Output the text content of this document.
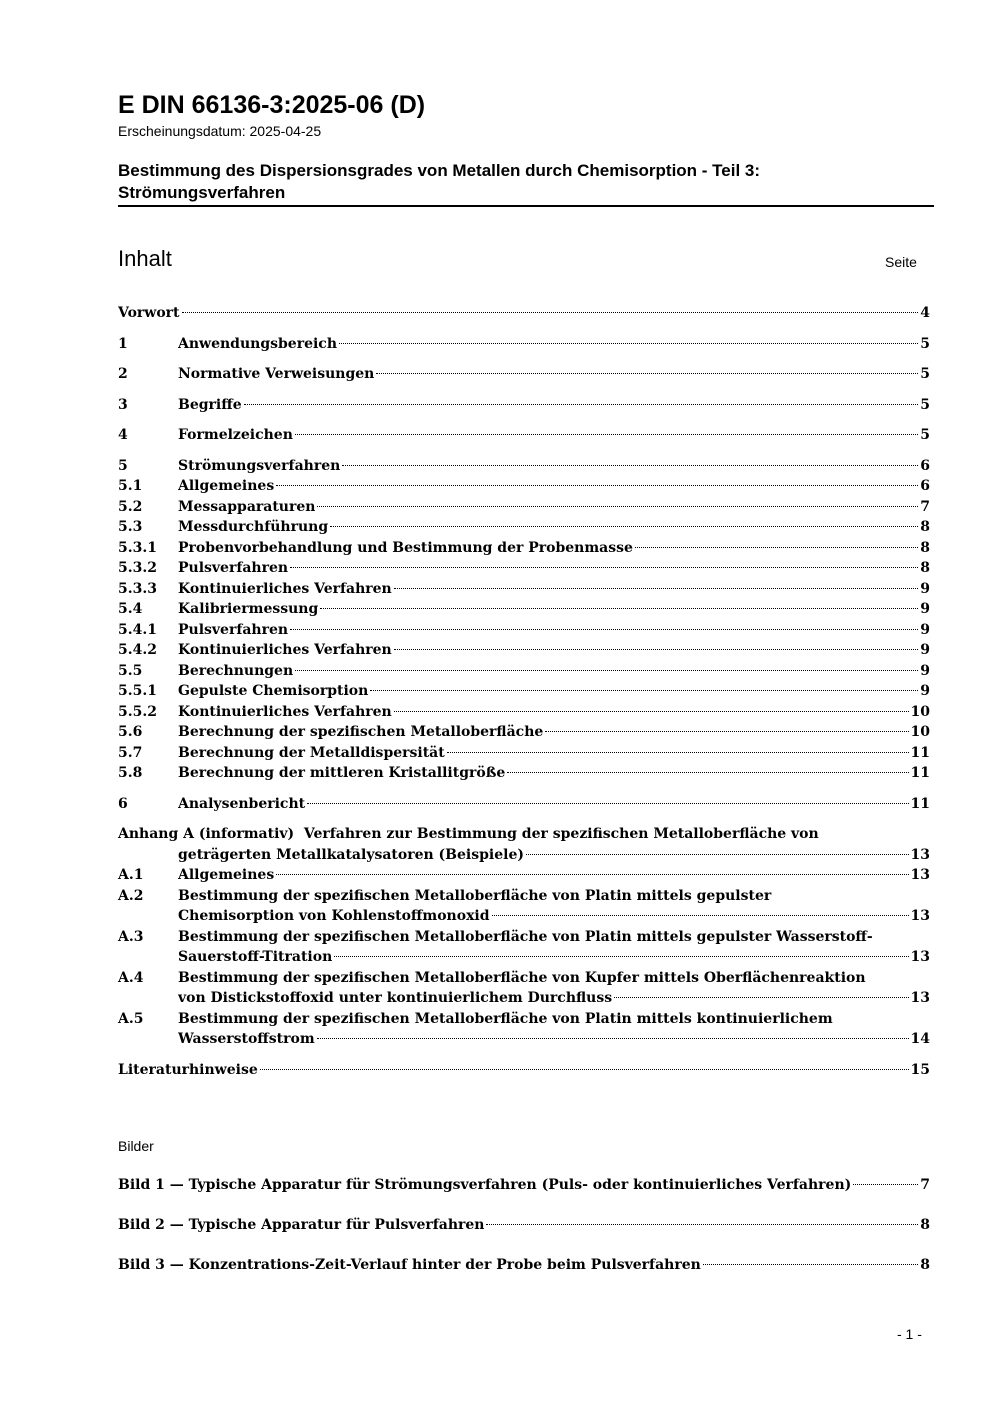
E DIN 66136-3:2025-06 (D)
Erscheinungsdatum: 2025-04-25
Bestimmung des Dispersionsgrades von Metallen durch Chemisorption - Teil 3: Strömungsverfahren
Inhalt	Seite
Vorwort	4
1	Anwendungsbereich	5
2	Normative Verweisungen	5
3	Begriffe	5
4	Formelzeichen	5
5	Strömungsverfahren	6
5.1	Allgemeines	6
5.2	Messapparaturen	7
5.3	Messdurchführung	8
5.3.1	Probenvorbehandlung und Bestimmung der Probenmasse	8
5.3.2	Pulsverfahren	8
5.3.3	Kontinuierliches Verfahren	9
5.4	Kalibriermessung	9
5.4.1	Pulsverfahren	9
5.4.2	Kontinuierliches Verfahren	9
5.5	Berechnungen	9
5.5.1	Gepulste Chemisorption	9
5.5.2	Kontinuierliches Verfahren	10
5.6	Berechnung der spezifischen Metalloberfläche	10
5.7	Berechnung der Metalldispersität	11
5.8	Berechnung der mittleren Kristallitgröße	11
6	Analysenbericht	11
Anhang A (informativ) Verfahren zur Bestimmung der spezifischen Metalloberfläche von
geträgerten Metallkatalysatoren (Beispiele)	13
A.1	Allgemeines	13
A.2	Bestimmung der spezifischen Metalloberfläche von Platin mittels gepulster
Chemisorption von Kohlenstoffmonoxid	13
A.3	Bestimmung der spezifischen Metalloberfläche von Platin mittels gepulster Wasserstoff-
Sauerstoff-Titration	13
A.4	Bestimmung der spezifischen Metalloberfläche von Kupfer mittels Oberflächenreaktion
von Distickstoffoxid unter kontinuierlichem Durchfluss	13
A.5	Bestimmung der spezifischen Metalloberfläche von Platin mittels kontinuierlichem
Wasserstoffstrom	14
Literaturhinweise	15
Bilder
Bild 1 — Typische Apparatur für Strömungsverfahren (Puls- oder kontinuierliches Verfahren)	7
Bild 2 — Typische Apparatur für Pulsverfahren	8
Bild 3 — Konzentrations-Zeit-Verlauf hinter der Probe beim Pulsverfahren	8
- 1 -
